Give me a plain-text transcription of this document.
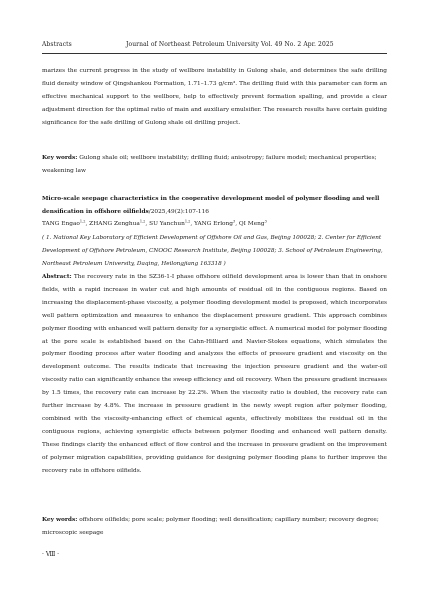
Abstracts	Journal of Northeast Petroleum University Vol. 49 No. 2 Apr. 2025

marizes the current progress in the study of wellbore instability in Gulong shale, and determines the safe drilling fluid density window of Qingshankou Formation, 1.71–1.73 g/cm³. The drilling fluid with this parameter can form an effective mechanical support to the wellbore, help to effectively prevent formation spalling, and provide a clear adjustment direction for the optimal ratio of main and auxiliary emulsifier. The research results have certain guiding significance for the safe drilling of Gulong shale oil drilling project.

Key words: Gulong shale oil; wellbore instability; drilling fluid; anisotropy; failure model; mechanical properties; weakening law

Micro-scale seepage characteristics in the cooperative development model of polymer flooding and well densification in offshore oilfields/2025,49(2):107-116

TANG Engao$^{1,2}$, ZHANG Zenghua$^{1,2}$, SU Yanchun$^{1,2}$, YANG Erlong$^3$, QI Meng$^3$

( 1. National Key Laboratory of Efficient Development of Offshore Oil and Gas, Beijing 100028; 2. Center for Efficient Development of Offshore Petroleum, CNOOC Research Institute, Beijing 100028; 3. School of Petroleum Engineering, Northeast Petroleum University, Daqing, Heilongjiang 163318 )

Abstract: The recovery rate in the SZ36-1-I phase offshore oilfield development area is lower than that in onshore fields, with a rapid increase in water cut and high amounts of residual oil in the contiguous regions. Based on increasing the displacement-phase viscosity, a polymer flooding development model is proposed, which incorporates well pattern optimization and measures to enhance the displacement pressure gradient. This approach combines polymer flooding with enhanced well pattern density for a synergistic effect. A numerical model for polymer flooding at the pore scale is established based on the Cahn-Hilliard and Navier-Stokes equations, which simulates the polymer flooding process after water flooding and analyzes the effects of pressure gradient and viscosity on the development outcome. The results indicate that increasing the injection pressure gradient and the water-oil viscosity ratio can significantly enhance the sweep efficiency and oil recovery. When the pressure gradient increases by 1.5 times, the recovery rate can increase by 22.2%. When the viscosity ratio is doubled, the recovery rate can further increase by 4.8%. The increase in pressure gradient in the newly swept region after polymer flooding, combined with the viscosity-enhancing effect of chemical agents, effectively mobilizes the residual oil in the contiguous regions, achieving synergistic effects between polymer flooding and enhanced well pattern density. These findings clarify the enhanced effect of flow control and the increase in pressure gradient on the improvement of polymer migration capabilities, providing guidance for designing polymer flooding plans to further improve the recovery rate in offshore oilfields.

Key words: offshore oilfields; pore scale; polymer flooding; well densification; capillary number; recovery degree; microscopic seepage

· Ⅷ ·
